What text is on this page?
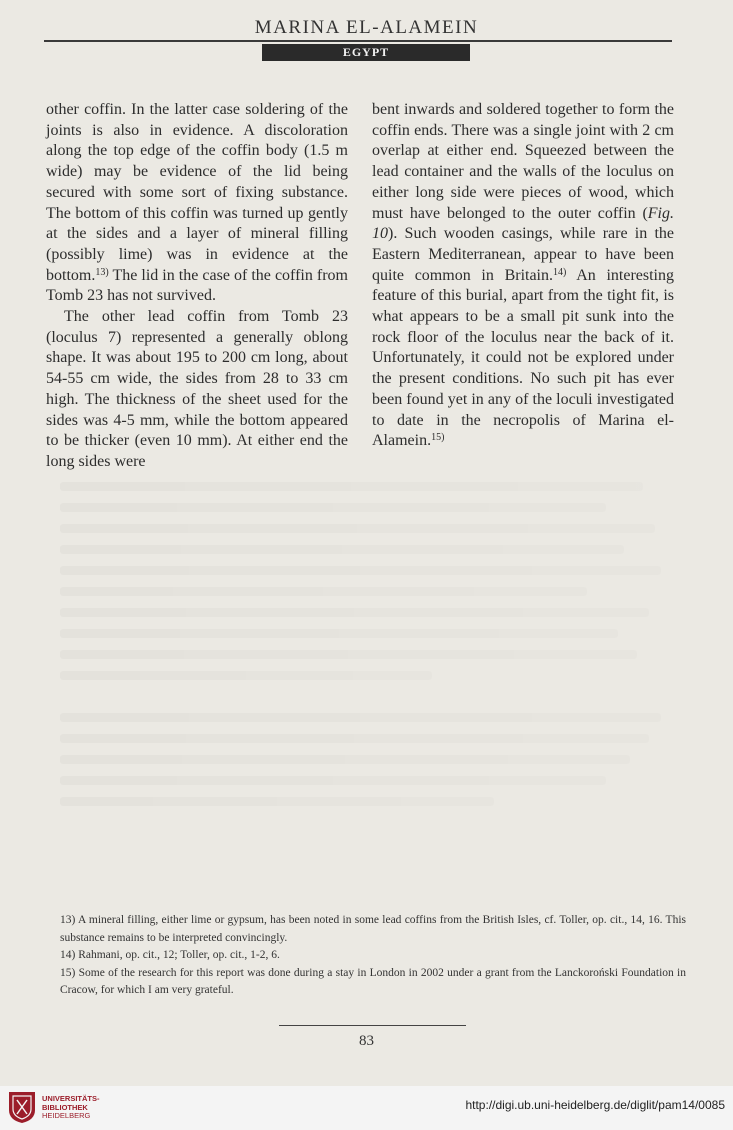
MARINA EL-ALAMEIN
EGYPT

other coffin. In the latter case soldering of the joints is also in evidence. A discoloration along the top edge of the coffin body (1.5 m wide) may be evidence of the lid being secured with some sort of fixing substance. The bottom of this coffin was turned up gently at the sides and a layer of mineral filling (possibly lime) was in evidence at the bottom.$^{13)}$ The lid in the case of the coffin from Tomb 23 has not survived.

The other lead coffin from Tomb 23 (loculus 7) represented a generally oblong shape. It was about 195 to 200 cm long, about 54-55 cm wide, the sides from 28 to 33 cm high. The thickness of the sheet used for the sides was 4-5 mm, while the bottom appeared to be thicker (even 10 mm). At either end the long sides were

bent inwards and soldered together to form the coffin ends. There was a single joint with 2 cm overlap at either end. Squeezed between the lead container and the walls of the loculus on either long side were pieces of wood, which must have belonged to the outer coffin (Fig. 10). Such wooden casings, while rare in the Eastern Mediterranean, appear to have been quite common in Britain.$^{14)}$ An interesting feature of this burial, apart from the tight fit, is what appears to be a small pit sunk into the rock floor of the loculus near the back of it. Unfortunately, it could not be explored under the present conditions. No such pit has ever been found yet in any of the loculi investigated to date in the necropolis of Marina el-Alamein.$^{15)}$

13) A mineral filling, either lime or gypsum, has been noted in some lead coffins from the British Isles, cf. Toller, op. cit., 14, 16. This substance remains to be interpreted convincingly.

14) Rahmani, op. cit., 12; Toller, op. cit., 1-2, 6.

15) Some of the research for this report was done during a stay in London in 2002 under a grant from the Lanckoroński Foundation in Cracow, for which I am very grateful.

83
UNIVERSITÄTS-
BIBLIOTHEK
HEIDELBERG
http://digi.ub.uni-heidelberg.de/diglit/pam14/0085
